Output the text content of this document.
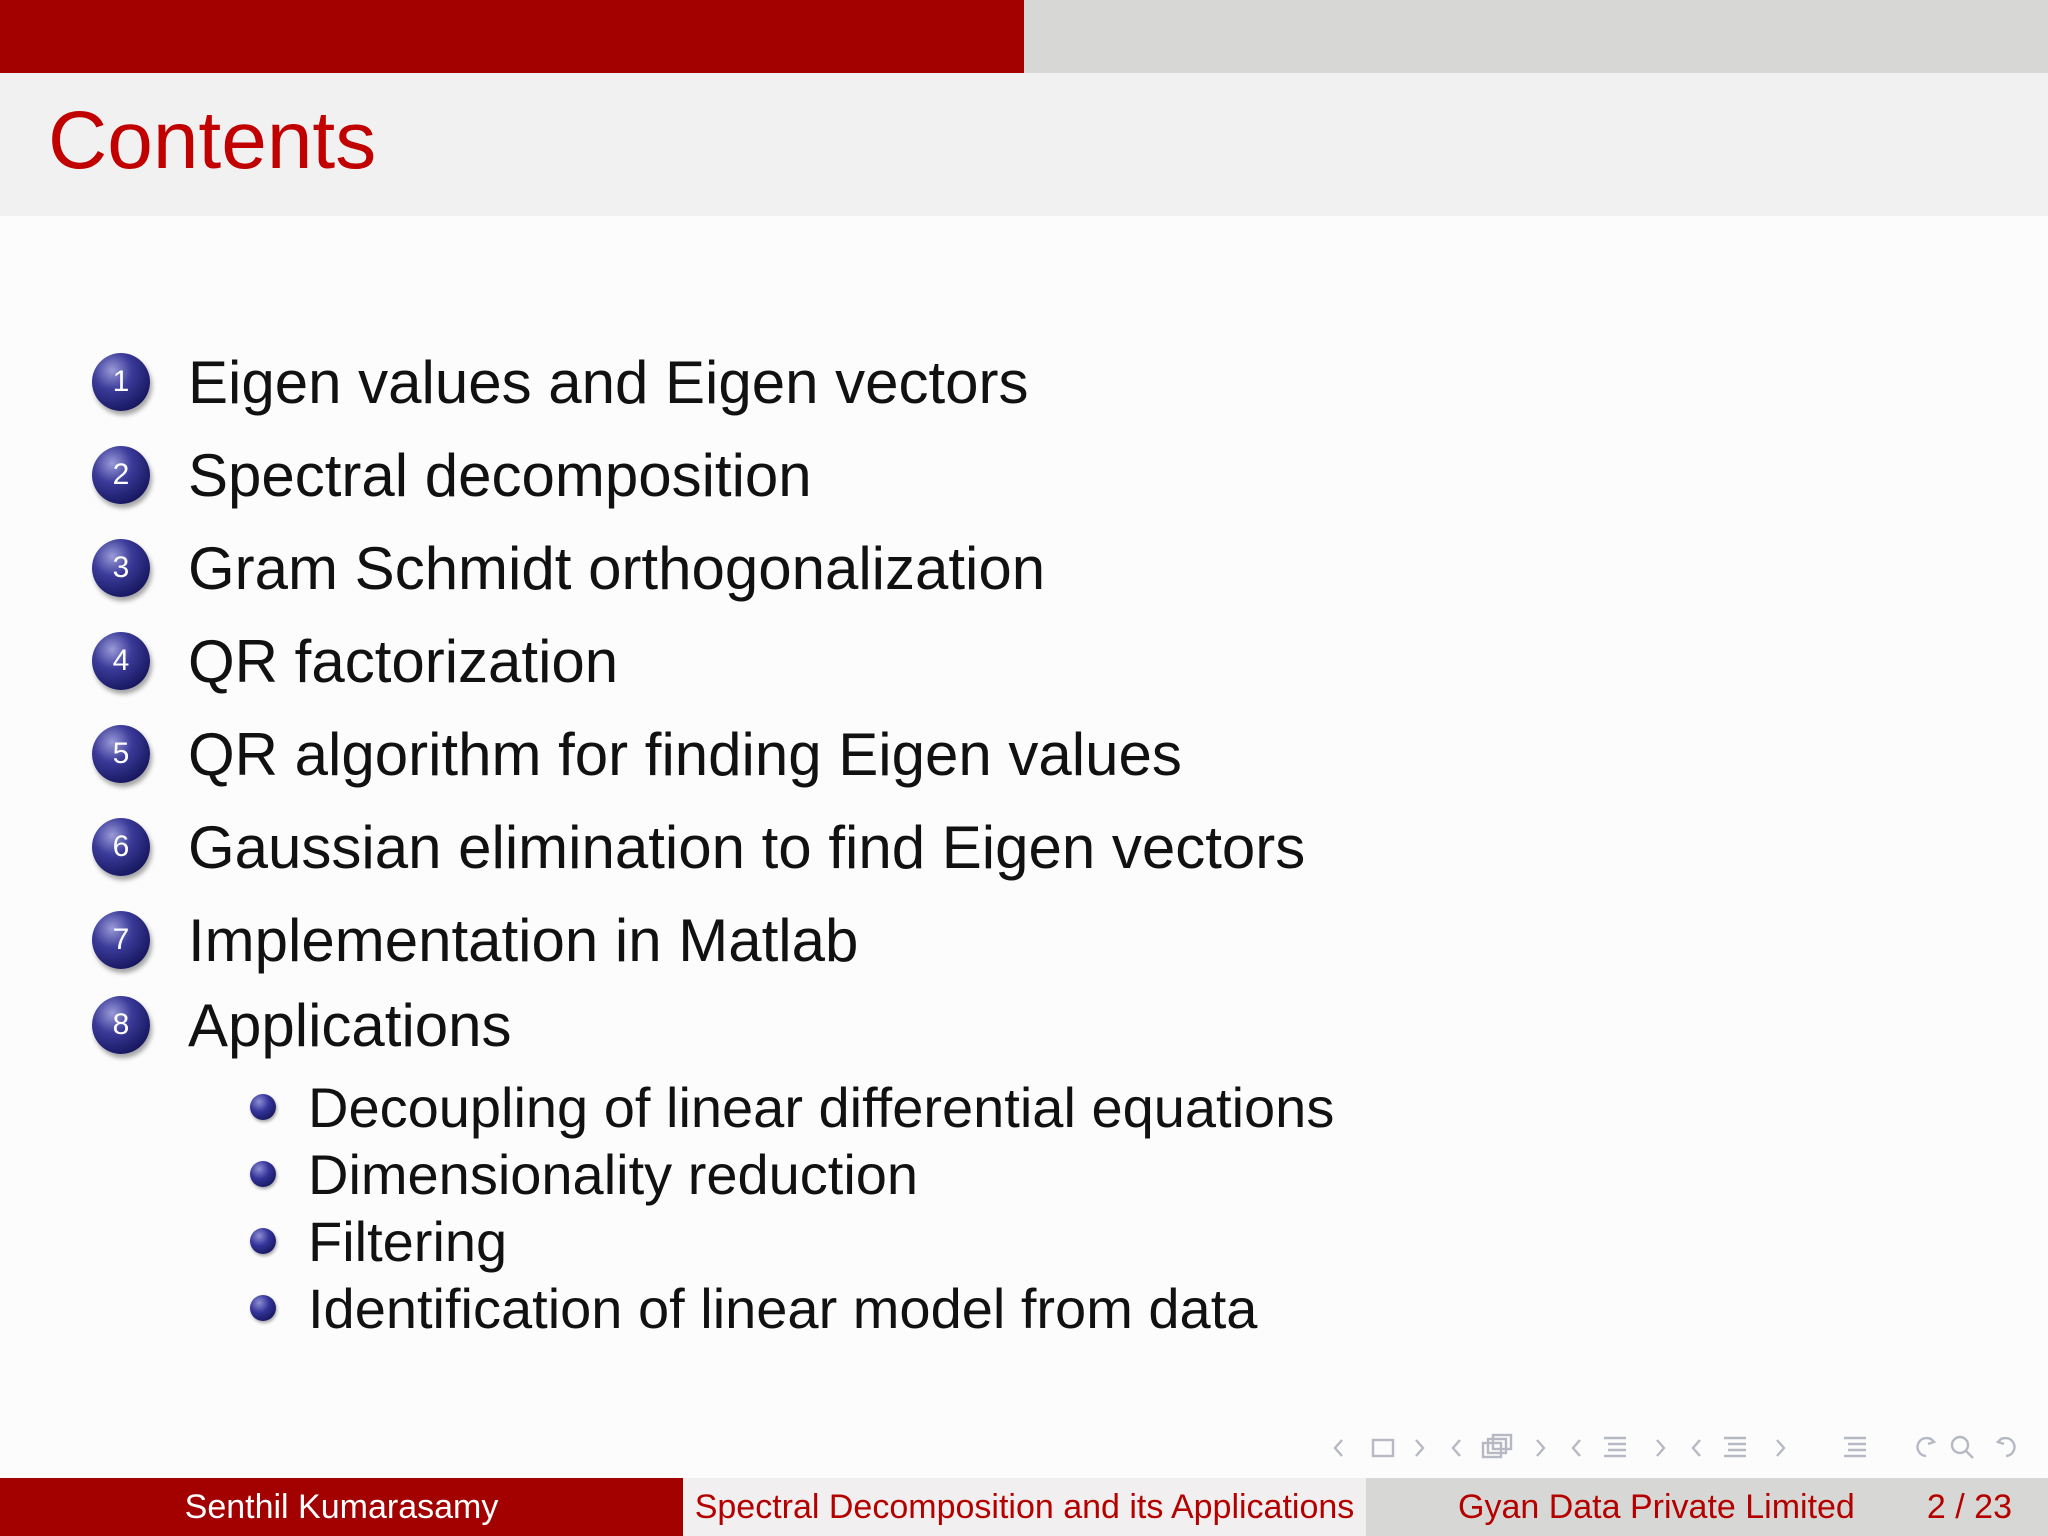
Contents
1 Eigen values and Eigen vectors
2 Spectral decomposition
3 Gram Schmidt orthogonalization
4 QR factorization
5 QR algorithm for finding Eigen values
6 Gaussian elimination to find Eigen vectors
7 Implementation in Matlab
8 Applications
Decoupling of linear differential equations
Dimensionality reduction
Filtering
Identification of linear model from data
Senthil Kumarasamy	Spectral Decomposition and its Applications	Gyan Data Private Limited 2 / 23
